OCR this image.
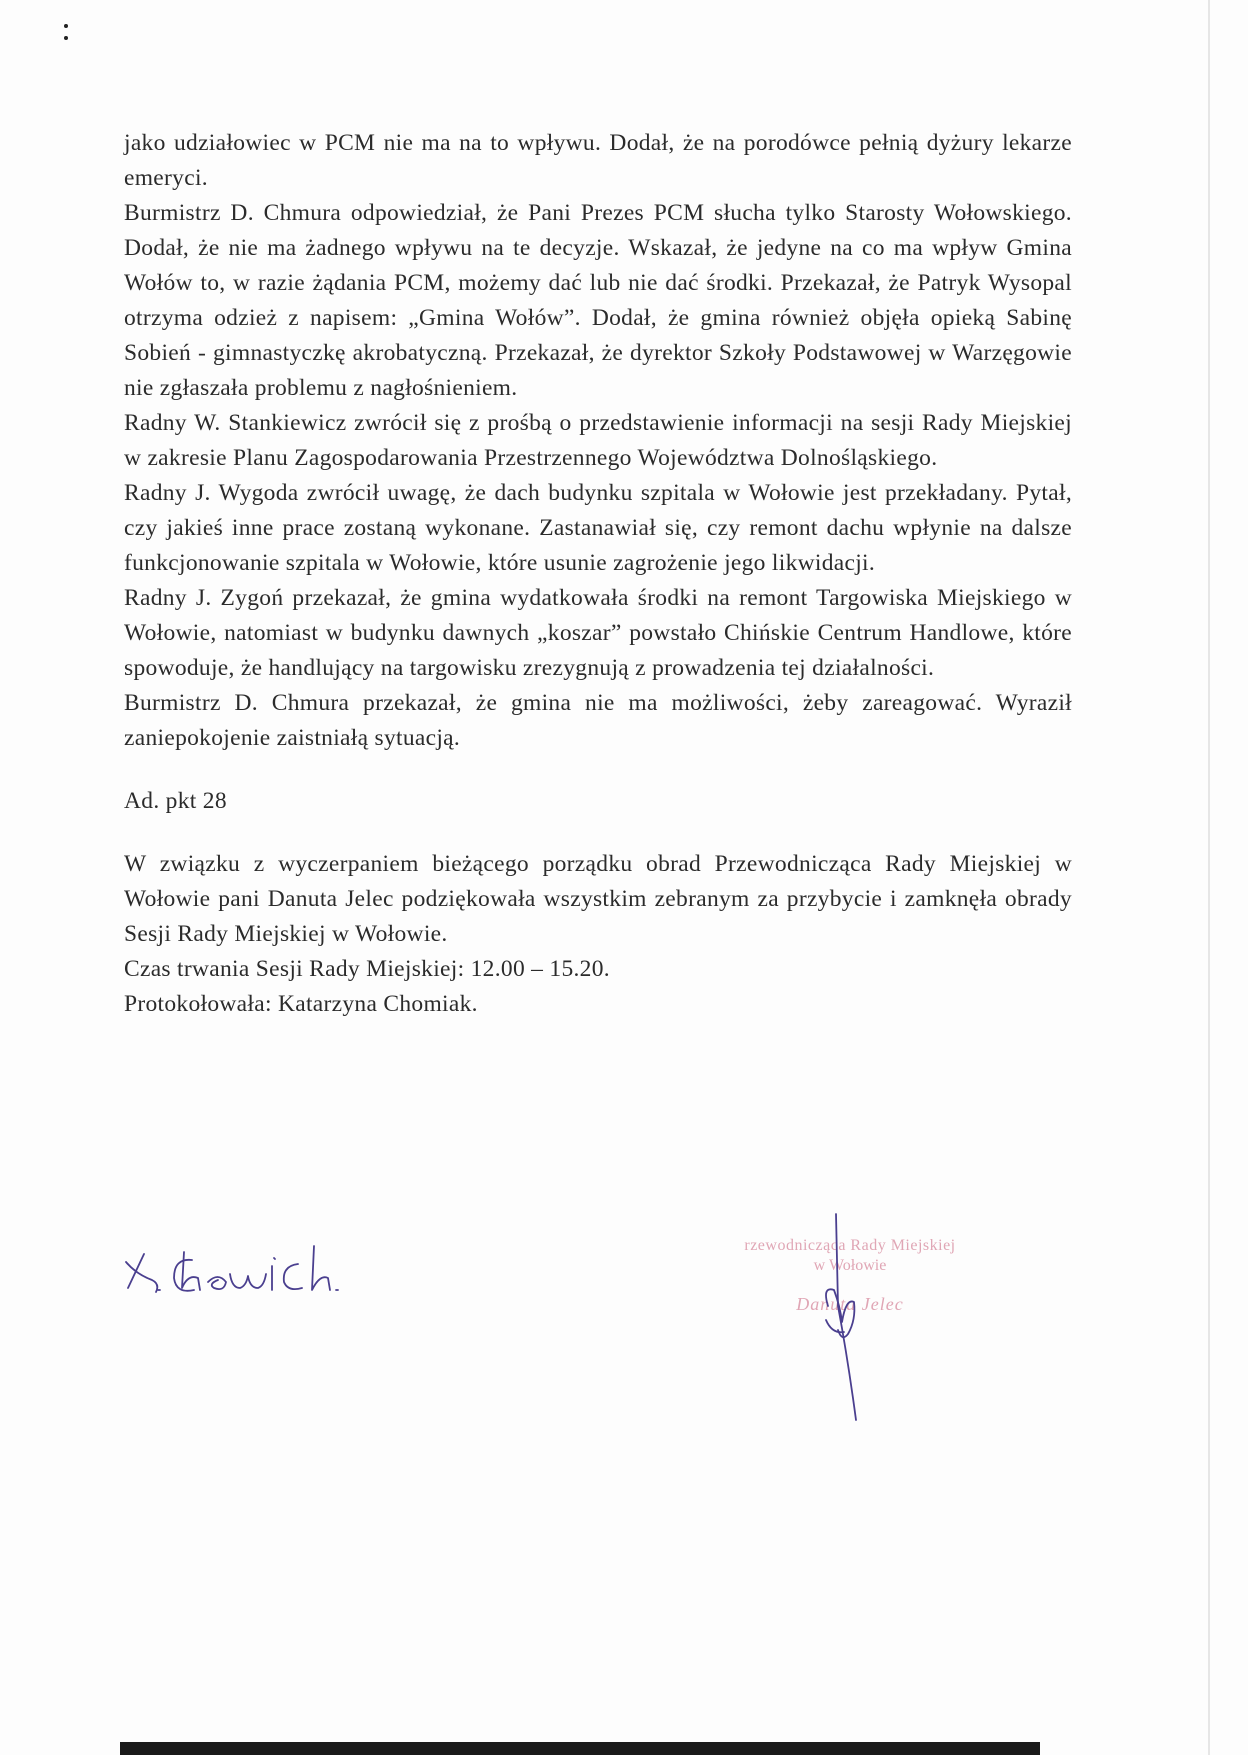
jako udziałowiec w PCM nie ma na to wpływu. Dodał, że na porodówce pełnią dyżury lekarze emeryci.

Burmistrz D. Chmura odpowiedział, że Pani Prezes PCM słucha tylko Starosty Wołowskiego. Dodał, że nie ma żadnego wpływu na te decyzje. Wskazał, że jedyne na co ma wpływ Gmina Wołów to, w razie żądania PCM, możemy dać lub nie dać środki. Przekazał, że Patryk Wysopal otrzyma odzież z napisem: „Gmina Wołów”. Dodał, że gmina również objęła opieką Sabinę Sobień - gimnastyczkę akrobatyczną. Przekazał, że dyrektor Szkoły Podstawowej w Warzęgowie nie zgłaszała problemu z nagłośnieniem.

Radny W. Stankiewicz zwrócił się z prośbą o przedstawienie informacji na sesji Rady Miejskiej w zakresie Planu Zagospodarowania Przestrzennego Województwa Dolnośląskiego.

Radny J. Wygoda zwrócił uwagę, że dach budynku szpitala w Wołowie jest przekładany. Pytał, czy jakieś inne prace zostaną wykonane. Zastanawiał się, czy remont dachu wpłynie na dalsze funkcjonowanie szpitala w Wołowie, które usunie zagrożenie jego likwidacji.

Radny J. Zygoń przekazał, że gmina wydatkowała środki na remont Targowiska Miejskiego w Wołowie, natomiast w budynku dawnych „koszar” powstało Chińskie Centrum Handlowe, które spowoduje, że handlujący na targowisku zrezygnują z prowadzenia tej działalności.

Burmistrz D. Chmura przekazał, że gmina nie ma możliwości, żeby zareagować. Wyraził zaniepokojenie zaistniałą sytuacją.

Ad. pkt 28

W związku z wyczerpaniem bieżącego porządku obrad Przewodnicząca Rady Miejskiej w Wołowie pani Danuta Jelec podziękowała wszystkim zebranym za przybycie i zamknęła obrady Sesji Rady Miejskiej w Wołowie.

Czas trwania Sesji Rady Miejskiej: 12.00 – 15.20.

Protokołowała: Katarzyna Chomiak.

rzewodnicząca Rady Miejskiej
w Wołowie
Danuta Jelec
